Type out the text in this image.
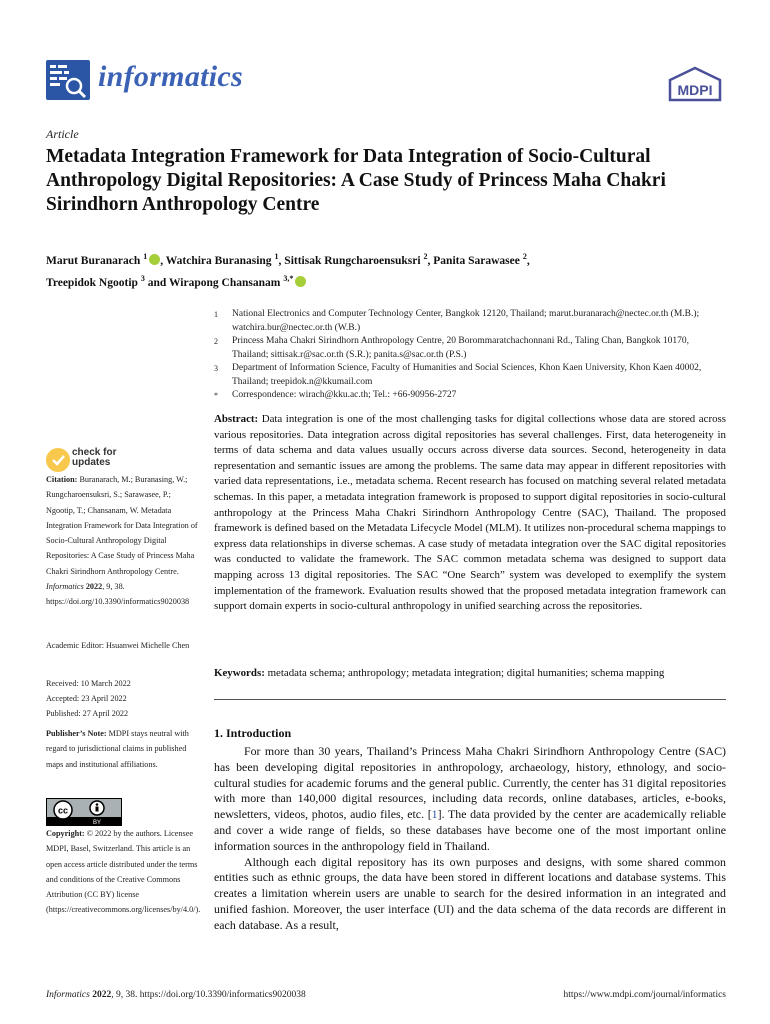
informatics	MDPI
Article
Metadata Integration Framework for Data Integration of Socio-Cultural Anthropology Digital Repositories: A Case Study of Princess Maha Chakri Sirindhorn Anthropology Centre
Marut Buranarach $^1$ , Watchira Buranasing $^1$, Sittisak Rungcharoensuksri $^2$, Panita Sarawasee $^2$,
Treepidok Ngootip $^3$ and Wirapong Chansanam $^{3,*}$
1	National Electronics and Computer Technology Center, Bangkok 12120, Thailand; marut.buranarach@nectec.or.th (M.B.); watchira.bur@nectec.or.th (W.B.)
2	Princess Maha Chakri Sirindhorn Anthropology Centre, 20 Borommaratchachonnani Rd., Taling Chan, Bangkok 10170, Thailand; sittisak.r@sac.or.th (S.R.); panita.s@sac.or.th (P.S.)
3	Department of Information Science, Faculty of Humanities and Social Sciences, Khon Kaen University, Khon Kaen 40002, Thailand; treepidok.n@kkumail.com
*	Correspondence: wirach@kku.ac.th; Tel.: +66-90956-2727
check for
updates
Citation: Buranarach, M.; Buranasing, W.; Rungcharoensuksri, S.; Sarawasee, P.; Ngootip, T.; Chansanam, W. Metadata Integration Framework for Data Integration of Socio-Cultural Anthropology Digital Repositories: A Case Study of Princess Maha Chakri Sirindhorn Anthropology Centre. Informatics 2022, 9, 38. https://doi.org/10.3390/informatics9020038
Academic Editor: Hsuanwei Michelle Chen
Received: 10 March 2022
Accepted: 23 April 2022
Published: 27 April 2022
Publisher’s Note: MDPI stays neutral with regard to jurisdictional claims in published maps and institutional affiliations.
cc
BY
Copyright: © 2022 by the authors. Licensee MDPI, Basel, Switzerland. This article is an open access article distributed under the terms and conditions of the Creative Commons Attribution (CC BY) license (https://creativecommons.org/licenses/by/4.0/).
Abstract: Data integration is one of the most challenging tasks for digital collections whose data are stored across various repositories. Data integration across digital repositories has several challenges. First, data heterogeneity in terms of data schema and data values usually occurs across diverse data sources. Second, heterogeneity in data representation and semantic issues are among the problems. The same data may appear in different repositories with varied data representations, i.e., metadata schema. Recent research has focused on matching several related metadata schemas. In this paper, a metadata integration framework is proposed to support digital repositories in socio-cultural anthropology at the Princess Maha Chakri Sirindhorn Anthropology Centre (SAC), Thailand. The proposed framework is defined based on the Metadata Lifecycle Model (MLM). It utilizes non-procedural schema mappings to express data relationships in diverse schemas. A case study of metadata integration over the SAC digital repositories was conducted to validate the framework. The SAC common metadata schema was designed to support data mapping across 13 digital repositories. The SAC “One Search” system was developed to exemplify the system implementation of the framework. Evaluation results showed that the proposed metadata integration framework can support domain experts in socio-cultural anthropology in unified searching across the repositories.
Keywords: metadata schema; anthropology; metadata integration; digital humanities; schema mapping
1. Introduction

For more than 30 years, Thailand’s Princess Maha Chakri Sirindhorn Anthropology Centre (SAC) has been developing digital repositories in anthropology, archaeology, history, ethnology, and socio-cultural studies for academic forums and the general public. Currently, the center has 31 digital repositories with more than 140,000 digital resources, including data records, online databases, articles, e-books, newsletters, videos, photos, audio files, etc. [1]. The data provided by the center are academically reliable and cover a wide range of fields, so these databases have become one of the most important online information sources in the anthropology field in Thailand.

Although each digital repository has its own purposes and designs, with some shared common entities such as ethnic groups, the data have been stored in different locations and database systems. This creates a limitation wherein users are unable to search for the desired information in an integrated and unified fashion. Moreover, the user interface (UI) and the data schema of the data records are different in each database. As a result,

Informatics 2022, 9, 38. https://doi.org/10.3390/informatics9020038	https://www.mdpi.com/journal/informatics
